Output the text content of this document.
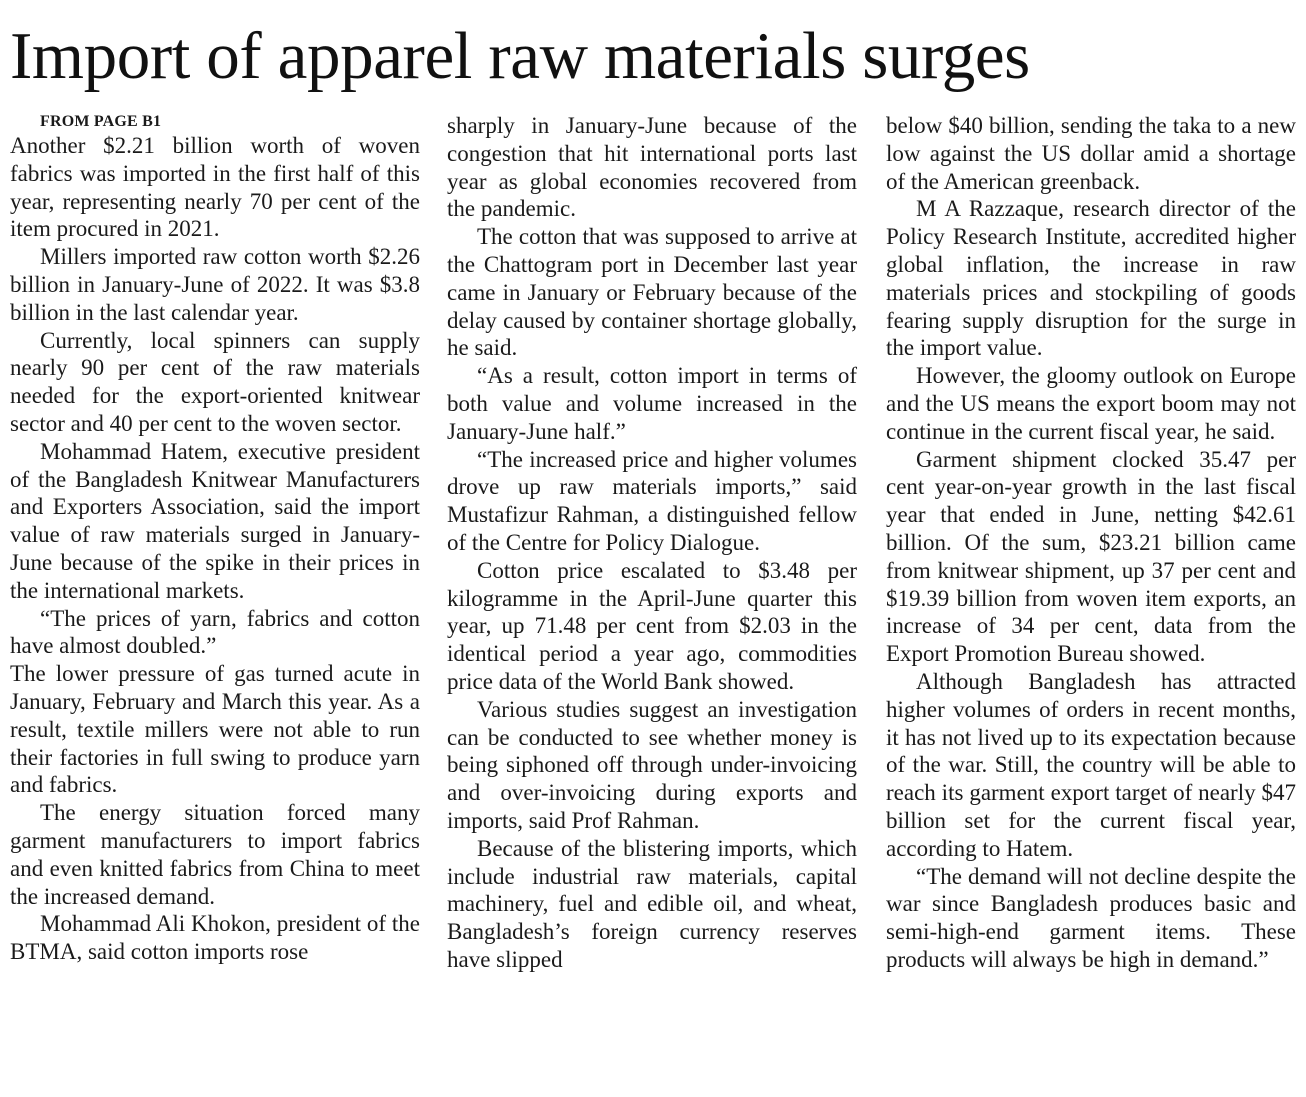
Import of apparel raw materials surges

FROM PAGE B1

Another $2.21 billion worth of woven fabrics was imported in the first half of this year, representing nearly 70 per cent of the item procured in 2021.

Millers imported raw cotton worth $2.26 billion in January-June of 2022. It was $3.8 billion in the last calendar year.

Currently, local spinners can supply nearly 90 per cent of the raw materials needed for the export-oriented knitwear sector and 40 per cent to the woven sector.

Mohammad Hatem, executive president of the Bangladesh Knitwear Manufacturers and Exporters Association, said the import value of raw materials surged in January-June because of the spike in their prices in the international markets.

“The prices of yarn, fabrics and cotton have almost doubled.”

The lower pressure of gas turned acute in January, February and March this year. As a result, textile millers were not able to run their factories in full swing to produce yarn and fabrics.

The energy situation forced many garment manufacturers to import fabrics and even knitted fabrics from China to meet the increased demand.

Mohammad Ali Khokon, president of the BTMA, said cotton imports rose

sharply in January-June because of the congestion that hit international ports last year as global economies recovered from the pandemic.

The cotton that was supposed to arrive at the Chattogram port in December last year came in January or February because of the delay caused by container shortage globally, he said.

“As a result, cotton import in terms of both value and volume increased in the January-June half.”

“The increased price and higher volumes drove up raw materials imports,” said Mustafizur Rahman, a distinguished fellow of the Centre for Policy Dialogue.

Cotton price escalated to $3.48 per kilogramme in the April-June quarter this year, up 71.48 per cent from $2.03 in the identical period a year ago, commodities price data of the World Bank showed.

Various studies suggest an investigation can be conducted to see whether money is being siphoned off through under-invoicing and over-invoicing during exports and imports, said Prof Rahman.

Because of the blistering imports, which include industrial raw materials, capital machinery, fuel and edible oil, and wheat, Bangladesh’s foreign currency reserves have slipped

below $40 billion, sending the taka to a new low against the US dollar amid a shortage of the American greenback.

M A Razzaque, research director of the Policy Research Institute, accredited higher global inflation, the increase in raw materials prices and stockpiling of goods fearing supply disruption for the surge in the import value.

However, the gloomy outlook on Europe and the US means the export boom may not continue in the current fiscal year, he said.

Garment shipment clocked 35.47 per cent year-on-year growth in the last fiscal year that ended in June, netting $42.61 billion. Of the sum, $23.21 billion came from knitwear shipment, up 37 per cent and $19.39 billion from woven item exports, an increase of 34 per cent, data from the Export Promotion Bureau showed.

Although Bangladesh has attracted higher volumes of orders in recent months, it has not lived up to its expectation because of the war. Still, the country will be able to reach its garment export target of nearly $47 billion set for the current fiscal year, according to Hatem.

“The demand will not decline despite the war since Bangladesh produces basic and semi-high-end garment items. These products will always be high in demand.”
